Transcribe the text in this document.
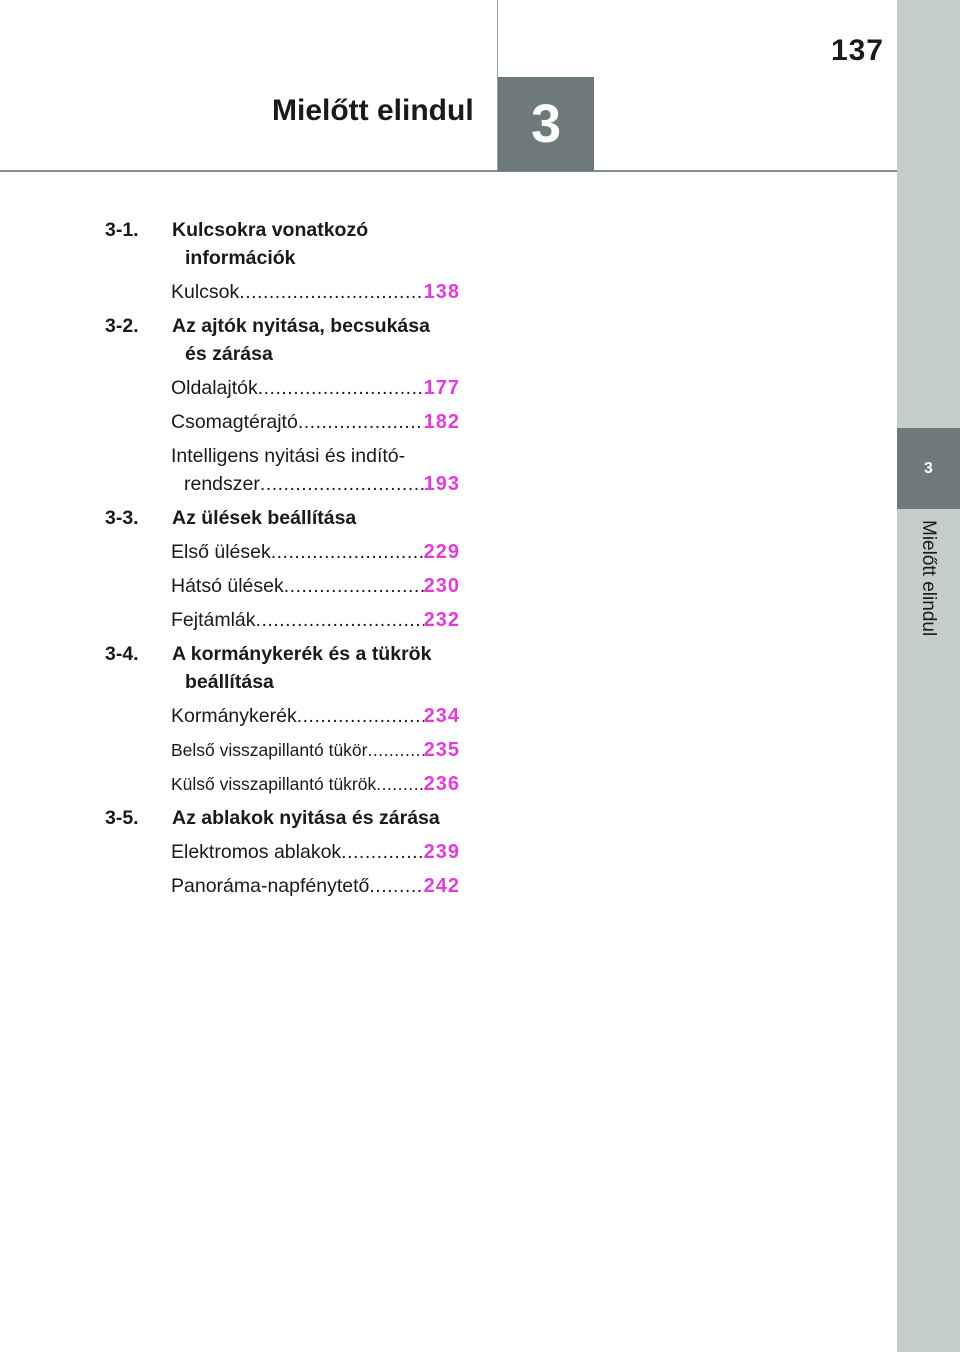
3
Mielőtt elindul
137
Mielőtt elindul	3
3-1.	Kulcsokra vonatkozó
információk
Kulcsok .....	138
3-2.	Az ajtók nyitása, becsukása
és zárása
Oldalajtók .....	177
Csomagtérajtó .....	182
Intelligens nyitási és indító-
rendszer .....	193
3-3.	Az ülések beállítása
Első ülések .....	229
Hátsó ülések .....	230
Fejtámlák .....	232
3-4.	A kormánykerék és a tükrök
beállítása
Kormánykerék .....	234
Belső visszapillantó tükör .....	235
Külső visszapillantó tükrök ..... 236
3-5.	Az ablakok nyitása és zárása
Elektromos ablakok .....	239
Panoráma-napfénytető .....	242
